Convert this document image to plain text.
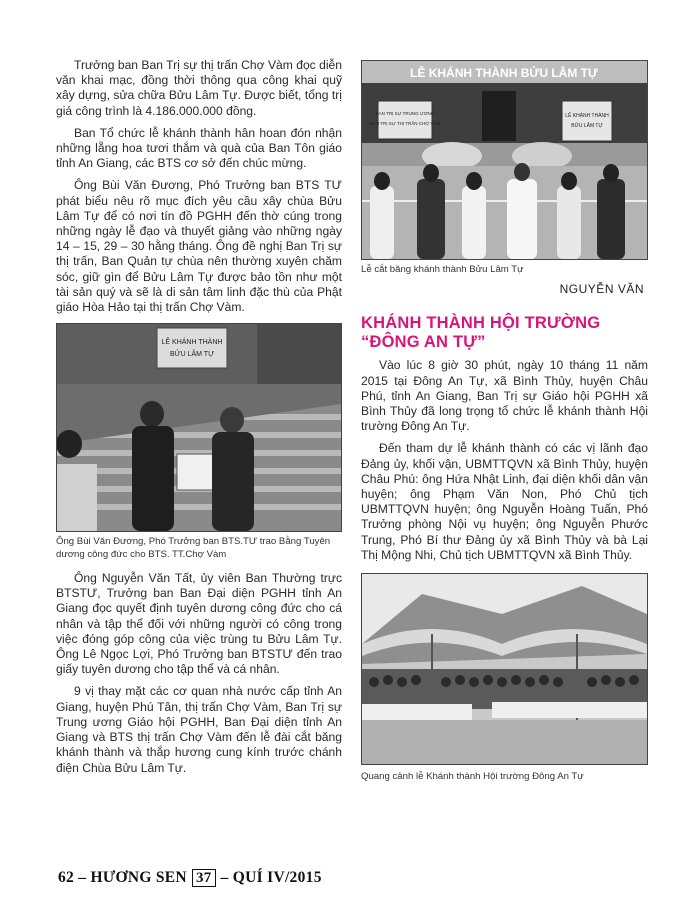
Trưởng ban Ban Trị sự thị trấn Chợ Vàm đọc diễn văn khai mạc, đồng thời thông qua công khai quỹ xây dựng, sửa chữa Bửu Lâm Tự. Được biết, tổng trị giá công trình là 4.186.000.000 đồng.

Ban Tổ chức lễ khánh thành hân hoan đón nhận những lẵng hoa tươi thắm và quà của Ban Tôn giáo tỉnh An Giang, các BTS cơ sở đến chúc mừng.

Ông Bùi Văn Đương, Phó Trưởng ban BTS TƯ phát biểu nêu rõ mục đích yêu cầu xây chùa Bửu Lâm Tự để có nơi tín đồ PGHH đến thờ cúng trong những ngày lễ đạo và thuyết giảng vào những ngày 14 – 15, 29 – 30 hằng tháng. Ông đề nghị Ban Trị sự thị trấn, Ban Quản tự chùa nên thường xuyên chăm sóc, giữ gìn để Bửu Lâm Tự được bảo tồn như một tài sản quý và sẽ là di sản tâm linh đặc thù của Phật giáo Hòa Hảo tại thị trấn Chợ Vàm.

LỄ KHÁNH THÀNH
BỬU LÂM TỰ

Ông Bùi Văn Đương, Phó Trưởng ban BTS.TƯ trao Bằng Tuyên dương công đức cho BTS. TT.Chợ Vàm

Ông Nguyễn Văn Tất, ủy viên Ban Thường trực BTSTƯ, Trưởng ban Ban Đại diện PGHH tỉnh An Giang đọc quyết định tuyên dương công đức cho cá nhân và tập thể đối với những người có công trong việc đóng góp công của việc trùng tu Bửu Lâm Tự. Ông Lê Ngọc Lợi, Phó Trưởng ban BTSTƯ đến trao giấy tuyên dương cho tập thể và cá nhân.

9 vị thay mặt các cơ quan nhà nước cấp tỉnh An Giang, huyện Phú Tân, thị trấn Chợ Vàm, Ban Trị sự Trung ương Giáo hội PGHH, Ban Đại diện tỉnh An Giang và BTS thị trấn Chợ Vàm đến lễ đài cắt băng khánh thành và thắp hương cung kính trước chánh điện Chùa Bửu Lâm Tự.

LỄ KHÁNH THÀNH BỬU LÂM TỰ
BAN TRỊ SỰ TRUNG ƯƠNG
BAN TRỊ SỰ THỊ TRẤN CHỢ VÀM
LỄ KHÁNH THÀNH
BỬU LÂM TỰ

Lễ cắt băng khánh thành Bửu Lâm Tự

NGUYỄN VĂN

KHÁNH THÀNH HỘI TRƯỜNG “ĐÔNG AN TỰ”

Vào lúc 8 giờ 30 phút, ngày 10 tháng 11 năm 2015 tại Đông An Tự, xã Bình Thủy, huyện Châu Phú, tỉnh An Giang, Ban Trị sự Giáo hội PGHH xã Bình Thủy đã long trọng tổ chức lễ khánh thành Hội trường Đông An Tự.

Đến tham dự lễ khánh thành có các vị lãnh đạo Đảng ủy, khối vận, UBMTTQVN xã Bình Thủy, huyện Châu Phú: ông Hứa Nhật Linh, đại diện khối dân vận huyện; ông Phạm Văn Non, Phó Chủ tịch UBMTTQVN huyện; ông Nguyễn Hoàng Tuấn, Phó Trưởng phòng Nội vụ huyện; ông Nguyễn Phước Trung, Phó Bí thư Đảng ủy xã Bình Thủy và bà Lại Thị Mộng Nhi, Chủ tịch UBMTTQVN xã Bình Thủy.

Quang cảnh lễ Khánh thành Hội trường Đông An Tự

62 – HƯƠNG SEN 37 – QUÍ IV/2015
